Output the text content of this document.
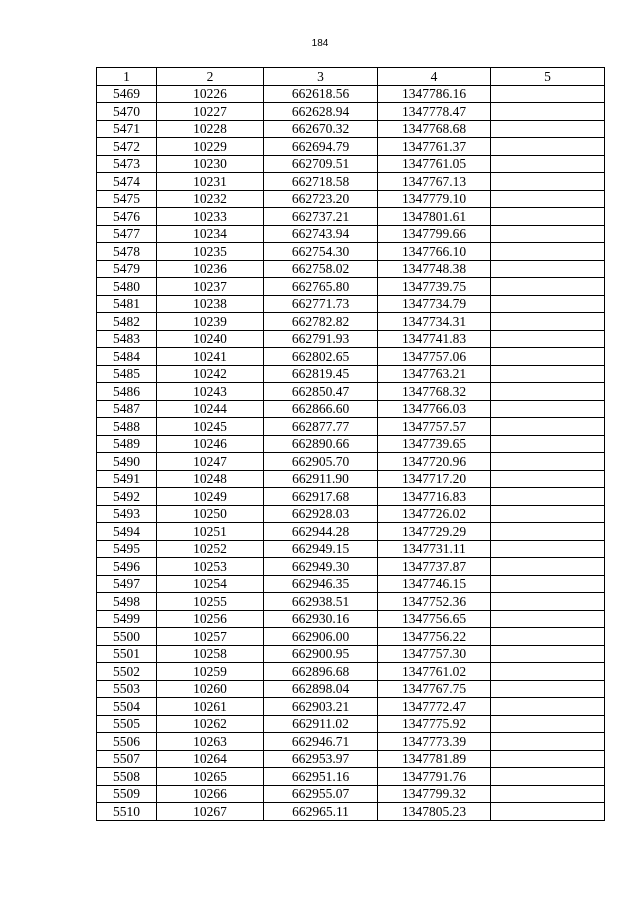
184
1	2	3	4	5
5469	10226	662618.56	1347786.16	
5470	10227	662628.94	1347778.47	
5471	10228	662670.32	1347768.68	
5472	10229	662694.79	1347761.37	
5473	10230	662709.51	1347761.05	
5474	10231	662718.58	1347767.13	
5475	10232	662723.20	1347779.10	
5476	10233	662737.21	1347801.61	
5477	10234	662743.94	1347799.66	
5478	10235	662754.30	1347766.10	
5479	10236	662758.02	1347748.38	
5480	10237	662765.80	1347739.75	
5481	10238	662771.73	1347734.79	
5482	10239	662782.82	1347734.31	
5483	10240	662791.93	1347741.83	
5484	10241	662802.65	1347757.06	
5485	10242	662819.45	1347763.21	
5486	10243	662850.47	1347768.32	
5487	10244	662866.60	1347766.03	
5488	10245	662877.77	1347757.57	
5489	10246	662890.66	1347739.65	
5490	10247	662905.70	1347720.96	
5491	10248	662911.90	1347717.20	
5492	10249	662917.68	1347716.83	
5493	10250	662928.03	1347726.02	
5494	10251	662944.28	1347729.29	
5495	10252	662949.15	1347731.11	
5496	10253	662949.30	1347737.87	
5497	10254	662946.35	1347746.15	
5498	10255	662938.51	1347752.36	
5499	10256	662930.16	1347756.65	
5500	10257	662906.00	1347756.22	
5501	10258	662900.95	1347757.30	
5502	10259	662896.68	1347761.02	
5503	10260	662898.04	1347767.75	
5504	10261	662903.21	1347772.47	
5505	10262	662911.02	1347775.92	
5506	10263	662946.71	1347773.39	
5507	10264	662953.97	1347781.89	
5508	10265	662951.16	1347791.76	
5509	10266	662955.07	1347799.32	
5510	10267	662965.11	1347805.23	
